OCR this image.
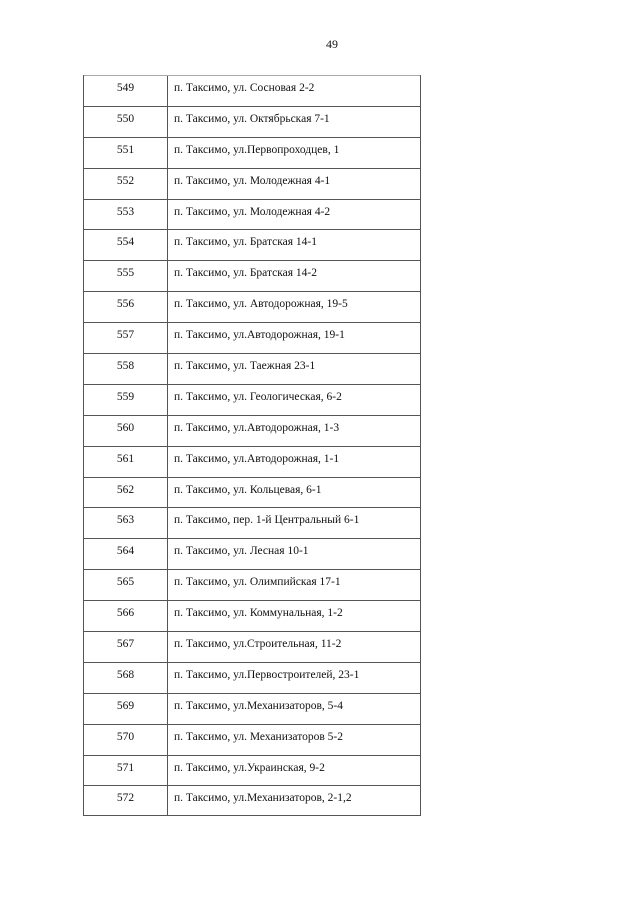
49
549	п. Таксимо, ул. Сосновая 2-2
550	п. Таксимо, ул. Октябрьская 7-1
551	п. Таксимо, ул.Первопроходцев, 1
552	п. Таксимо, ул. Молодежная 4-1
553	п. Таксимо, ул. Молодежная 4-2
554	п. Таксимо, ул. Братская 14-1
555	п. Таксимо, ул. Братская 14-2
556	п. Таксимо, ул. Автодорожная, 19-5
557	п. Таксимо, ул.Автодорожная, 19-1
558	п. Таксимо, ул. Таежная 23-1
559	п. Таксимо, ул. Геологическая, 6-2
560	п. Таксимо, ул.Автодорожная, 1-3
561	п. Таксимо, ул.Автодорожная, 1-1
562	п. Таксимо, ул. Кольцевая, 6-1
563	п. Таксимо, пер. 1-й Центральный 6-1
564	п. Таксимо, ул. Лесная 10-1
565	п. Таксимо, ул. Олимпийская 17-1
566	п. Таксимо, ул. Коммунальная, 1-2
567	п. Таксимо, ул.Строительная, 11-2
568	п. Таксимо, ул.Первостроителей, 23-1
569	п. Таксимо, ул.Механизаторов, 5-4
570	п. Таксимо, ул. Механизаторов 5-2
571	п. Таксимо, ул.Украинская, 9-2
572	п. Таксимо, ул.Механизаторов, 2-1,2
